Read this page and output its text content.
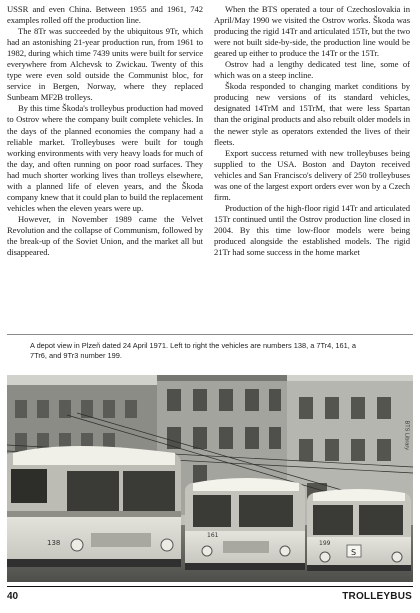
USSR and even China. Between 1955 and 1961, 742 examples rolled off the production line.

The 8Tr was succeeded by the ubiquitous 9Tr, which had an astonishing 21-year production run, from 1961 to 1982, during which time 7439 units were built for service everywhere from Alchevsk to Zwickau. Twenty of this type were even sold outside the Communist bloc, for service in Bergen, Norway, where they replaced Sunbeam MF2B trolleys.

By this time Škoda's trolleybus production had moved to Ostrov where the company built complete vehicles. In the days of the planned economies the company had a reliable market. Trolleybuses were built for tough working environments with very heavy loads for much of the day, and often running on poor road surfaces. They had much shorter working lives than trolleys elsewhere, with a planned life of eleven years, and the Škoda company knew that it could plan to build the replacement vehicles when the eleven years were up.

However, in November 1989 came the Velvet Revolution and the collapse of Communism, followed by the break-up of the Soviet Union, and the market all but disappeared.

When the BTS operated a tour of Czechoslovakia in April/May 1990 we visited the Ostrov works. Škoda was producing the rigid 14Tr and articulated 15Tr, but the two were not built side-by-side, the production line would be geared up either to produce the 14Tr or the 15Tr.

Ostrov had a lengthy dedicated test line, some of which was on a steep incline.

Škoda responded to changing market conditions by producing new versions of its standard vehicles, designated 14TrM and 15TrM, that were less Spartan than the original products and also rebuilt older models in the newer style as operators extended the lives of their fleets.

Export success returned with new trolleybuses being supplied to the USA. Boston and Dayton received vehicles and San Francisco's delivery of 250 trolleybuses was one of the largest export orders ever won by a Czech firm.

Production of the high-floor rigid 14Tr and articulated 15Tr continued until the Ostrov production line closed in 2004. By this time low-floor models were being produced alongside the established models. The rigid 21Tr had some success in the home market

A depot view in Plzeň dated 24 April 1971. Left to right the vehicles are numbers 138, a 7Tr4, 161, a 7Tr6, and 9Tr3 number 199.
138
161
S
199
BTS Library
40	TROLLEYBUS
